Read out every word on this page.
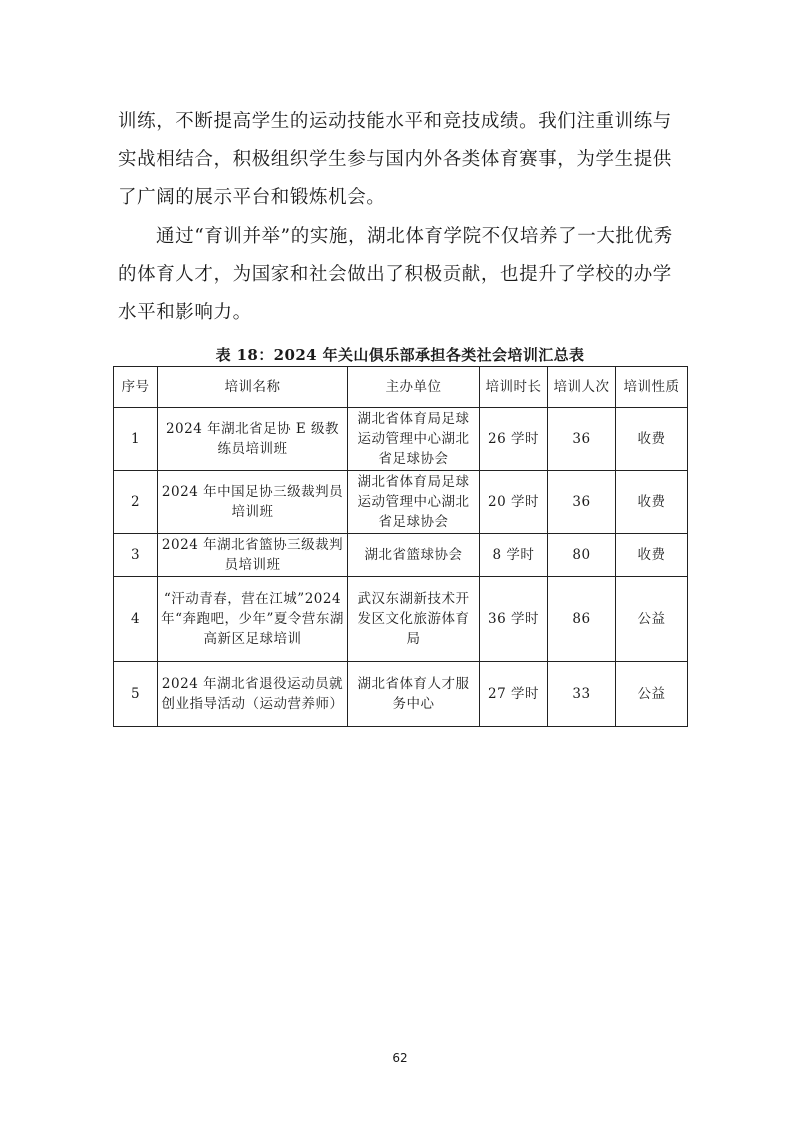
训练，不断提高学生的运动技能水平和竞技成绩。我们注重训练与实战相结合，积极组织学生参与国内外各类体育赛事，为学生提供了广阔的展示平台和锻炼机会。

通过“育训并举”的实施，湖北体育学院不仅培养了一大批优秀的体育人才，为国家和社会做出了积极贡献，也提升了学校的办学水平和影响力。

表 18：2024 年关山俱乐部承担各类社会培训汇总表

序号	培训名称	主办单位	培训时长	培训人次	培训性质
1	2024 年湖北省足协 E 级教练员培训班	湖北省体育局足球运动管理中心湖北省足球协会	26 学时	36	收费
2	2024 年中国足协三级裁判员培训班	湖北省体育局足球运动管理中心湖北省足球协会	20 学时	36	收费
3	2024 年湖北省篮协三级裁判员培训班	湖北省篮球协会	8 学时	80	收费
4	“汗动青春，营在江城”2024 年“奔跑吧，少年”夏令营东湖高新区足球培训	武汉东湖新技术开发区文化旅游体育局	36 学时	86	公益
5	2024 年湖北省退役运动员就创业指导活动（运动营养师）	湖北省体育人才服务中心	27 学时	33	公益

62
